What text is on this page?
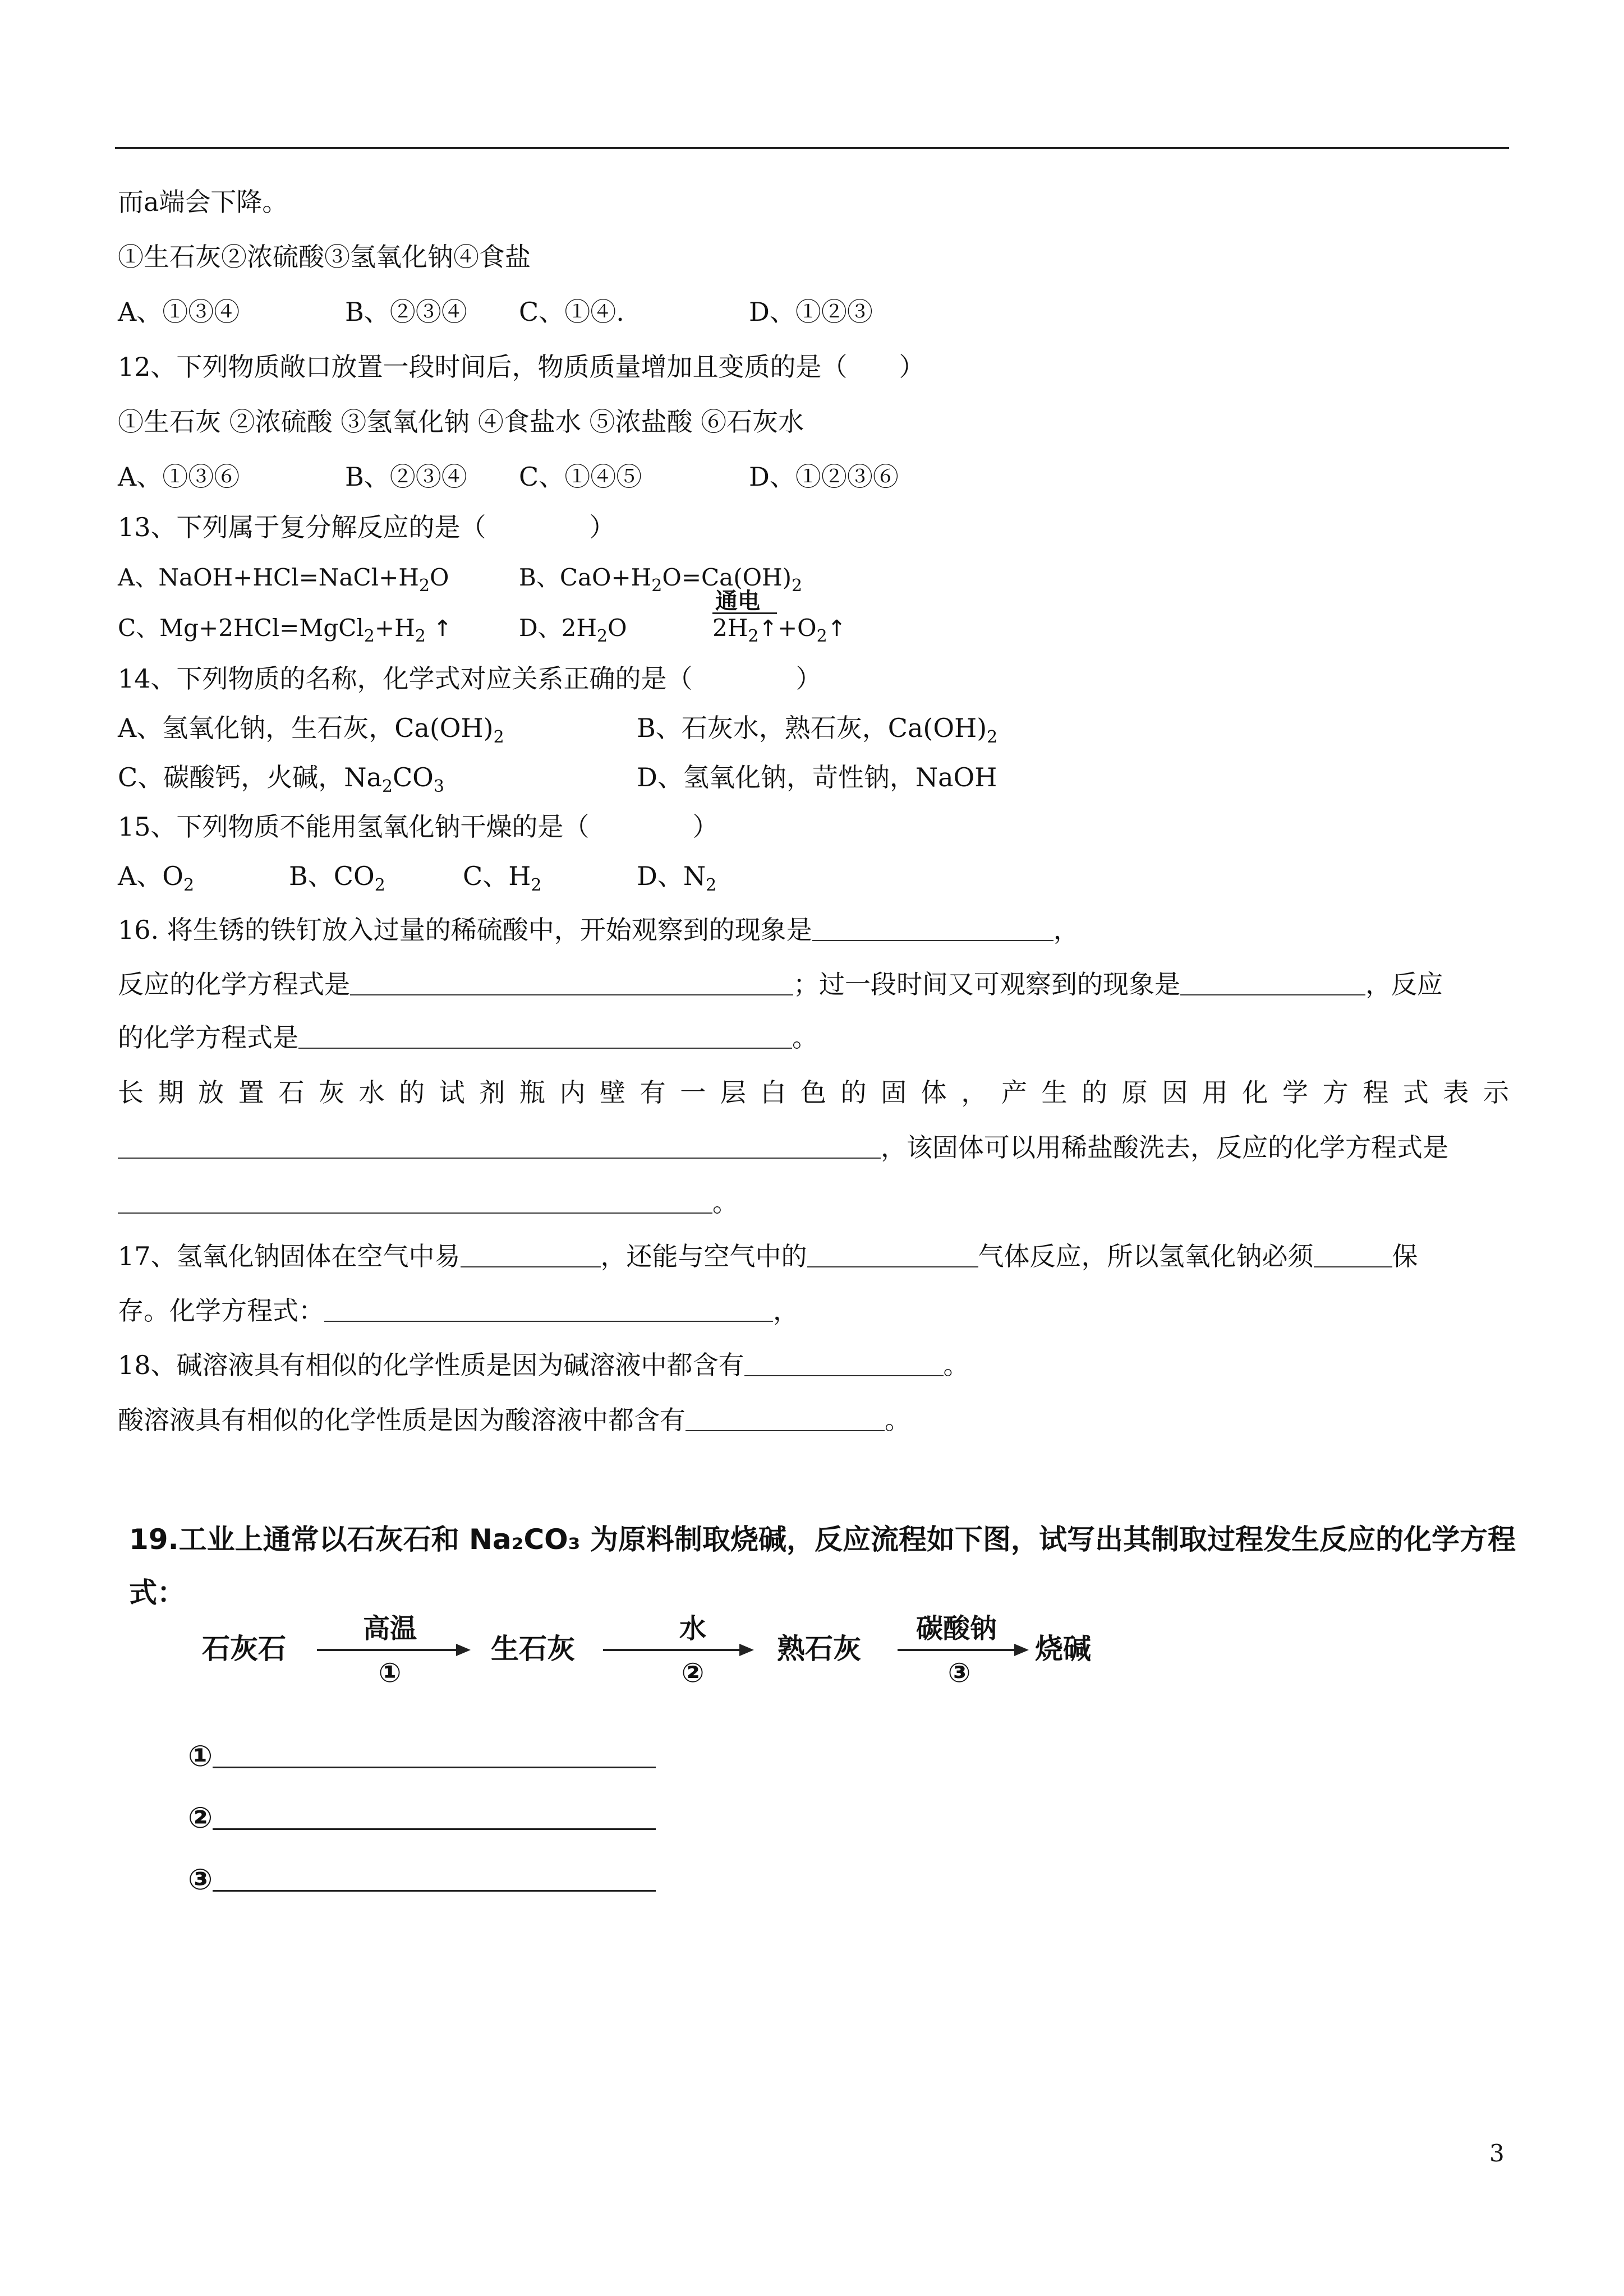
而a端会下降。
①生石灰②浓硫酸③氢氧化钠④食盐
A、①③④	B、②③④ C、①④.	D、①②③
12、下列物质敞口放置一段时间后，物质质量增加且变质的是（　　）
①生石灰 ②浓硫酸 ③氢氧化钠 ④食盐水 ⑤浓盐酸 ⑥石灰水
A、①③⑥	B、②③④ C、①④⑤	D、①②③⑥
13、下列属于复分解反应的是（　　　　）
A、$NaOH+HCl=NaCl+H_2O$	B、$CaO+H_2O=Ca(OH)_2$
C、$Mg+2HCl=MgCl_2+H_2$ ↑	D、$2H_2O$
通电
$2H_2↑+O_2↑$
14、下列物质的名称，化学式对应关系正确的是（　　　　）
A、氢氧化钠，生石灰，$Ca(OH)_2$	B、石灰水，熟石灰，$Ca(OH)_2$
C、碳酸钙，火碱，$Na_2CO_3$	D、氢氧化钠，苛性钠，NaOH
15、下列物质不能用氢氧化钠干燥的是（　　　　）
A、$O_2$	B、$CO_2$	C、$H_2$	D、$N_2$
16. 将生锈的铁钉放入过量的稀硫酸中，开始观察到的现象是	，
反应的化学方程式是	；过一段时间又可观察到的现象是	，反应
的化学方程式是	。
长期放置石灰水的试剂瓶内壁有一层白色的固体，产生的原因用化学方程式表示
，该固体可以用稀盐酸洗去，反应的化学方程式是
。
17、氢氧化钠固体在空气中易	，还能与空气中的	气体反应，所以氢氧化钠必须	保
存。化学方程式：	，
18、碱溶液具有相似的化学性质是因为碱溶液中都含有	。
酸溶液具有相似的化学性质是因为酸溶液中都含有	。
19.工业上通常以石灰石和 Na₂CO₃ 为原料制取烧碱，反应流程如下图，试写出其制取过程发生反应的化学方程
式：
石灰石
高温
①
生石灰
水
②
熟石灰
碳酸钠
③
烧碱
①
②
③
3
